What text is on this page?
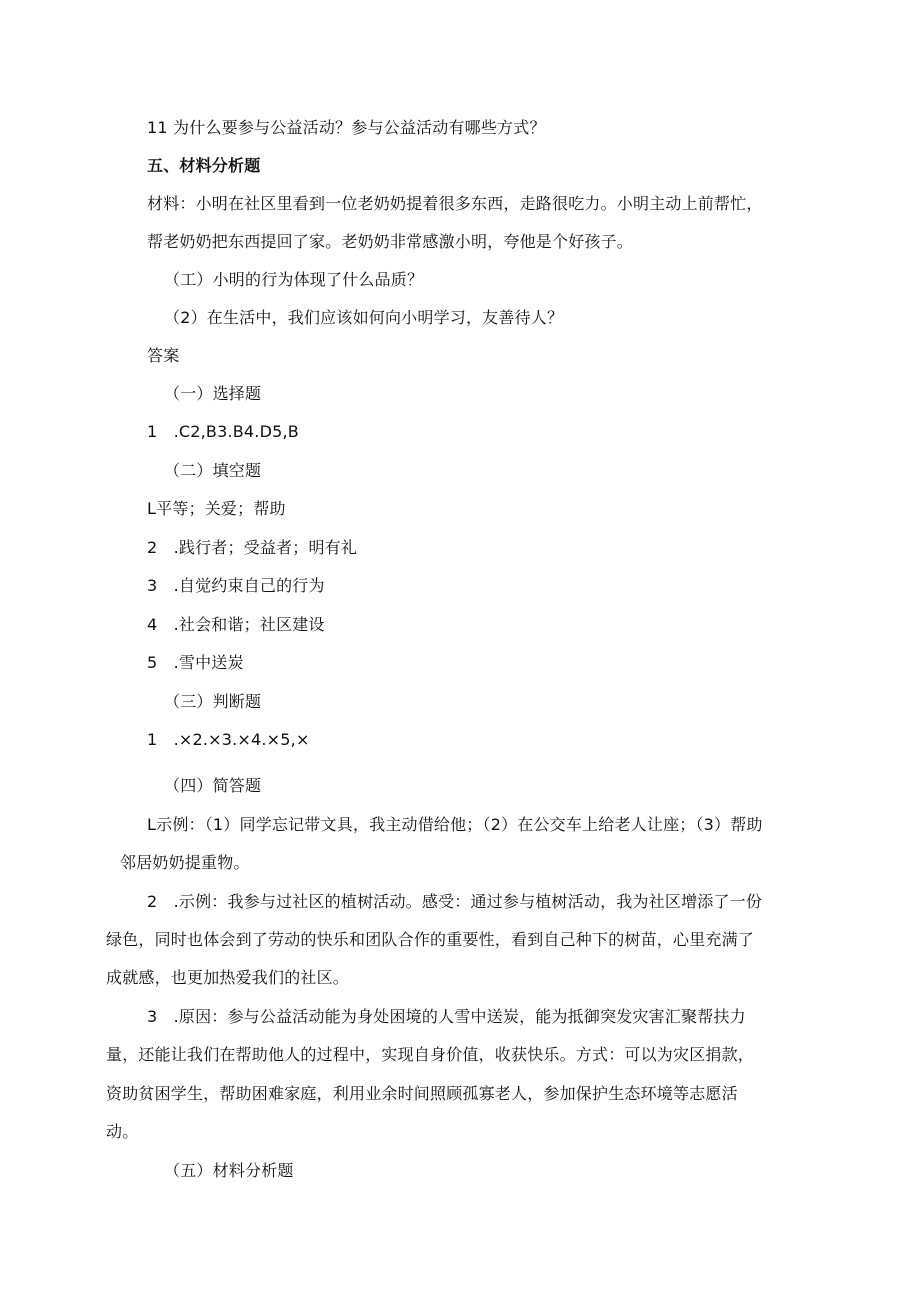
11 为什么要参与公益活动？参与公益活动有哪些方式？
五、材料分析题
材料：小明在社区里看到一位老奶奶提着很多东西，走路很吃力。小明主动上前帮忙，
帮老奶奶把东西提回了家。老奶奶非常感激小明，夸他是个好孩子。
（工）小明的行为体现了什么品质？
（2）在生活中，我们应该如何向小明学习，友善待人？
答案
（一）选择题
1　.C2,B3.B4.D5,B
（二）填空题
L平等；关爱；帮助
2　.践行者；受益者；明有礼
3　.自觉约束自己的行为
4　.社会和谐；社区建设
5　.雪中送炭
（三）判断题
1　.×2.×3.×4.×5,×
（四）简答题
L示例：（1）同学忘记带文具，我主动借给他；（2）在公交车上给老人让座；（3）帮助
邻居奶奶提重物。
2　.示例：我参与过社区的植树活动。感受：通过参与植树活动，我为社区增添了一份
绿色，同时也体会到了劳动的快乐和团队合作的重要性，看到自己种下的树苗，心里充满了
成就感，也更加热爱我们的社区。
3　.原因：参与公益活动能为身处困境的人雪中送炭，能为抵御突发灾害汇聚帮扶力
量，还能让我们在帮助他人的过程中，实现自身价值，收获快乐。方式：可以为灾区捐款，
资助贫困学生，帮助困难家庭，利用业余时间照顾孤寡老人，参加保护生态环境等志愿活
动。
（五）材料分析题
